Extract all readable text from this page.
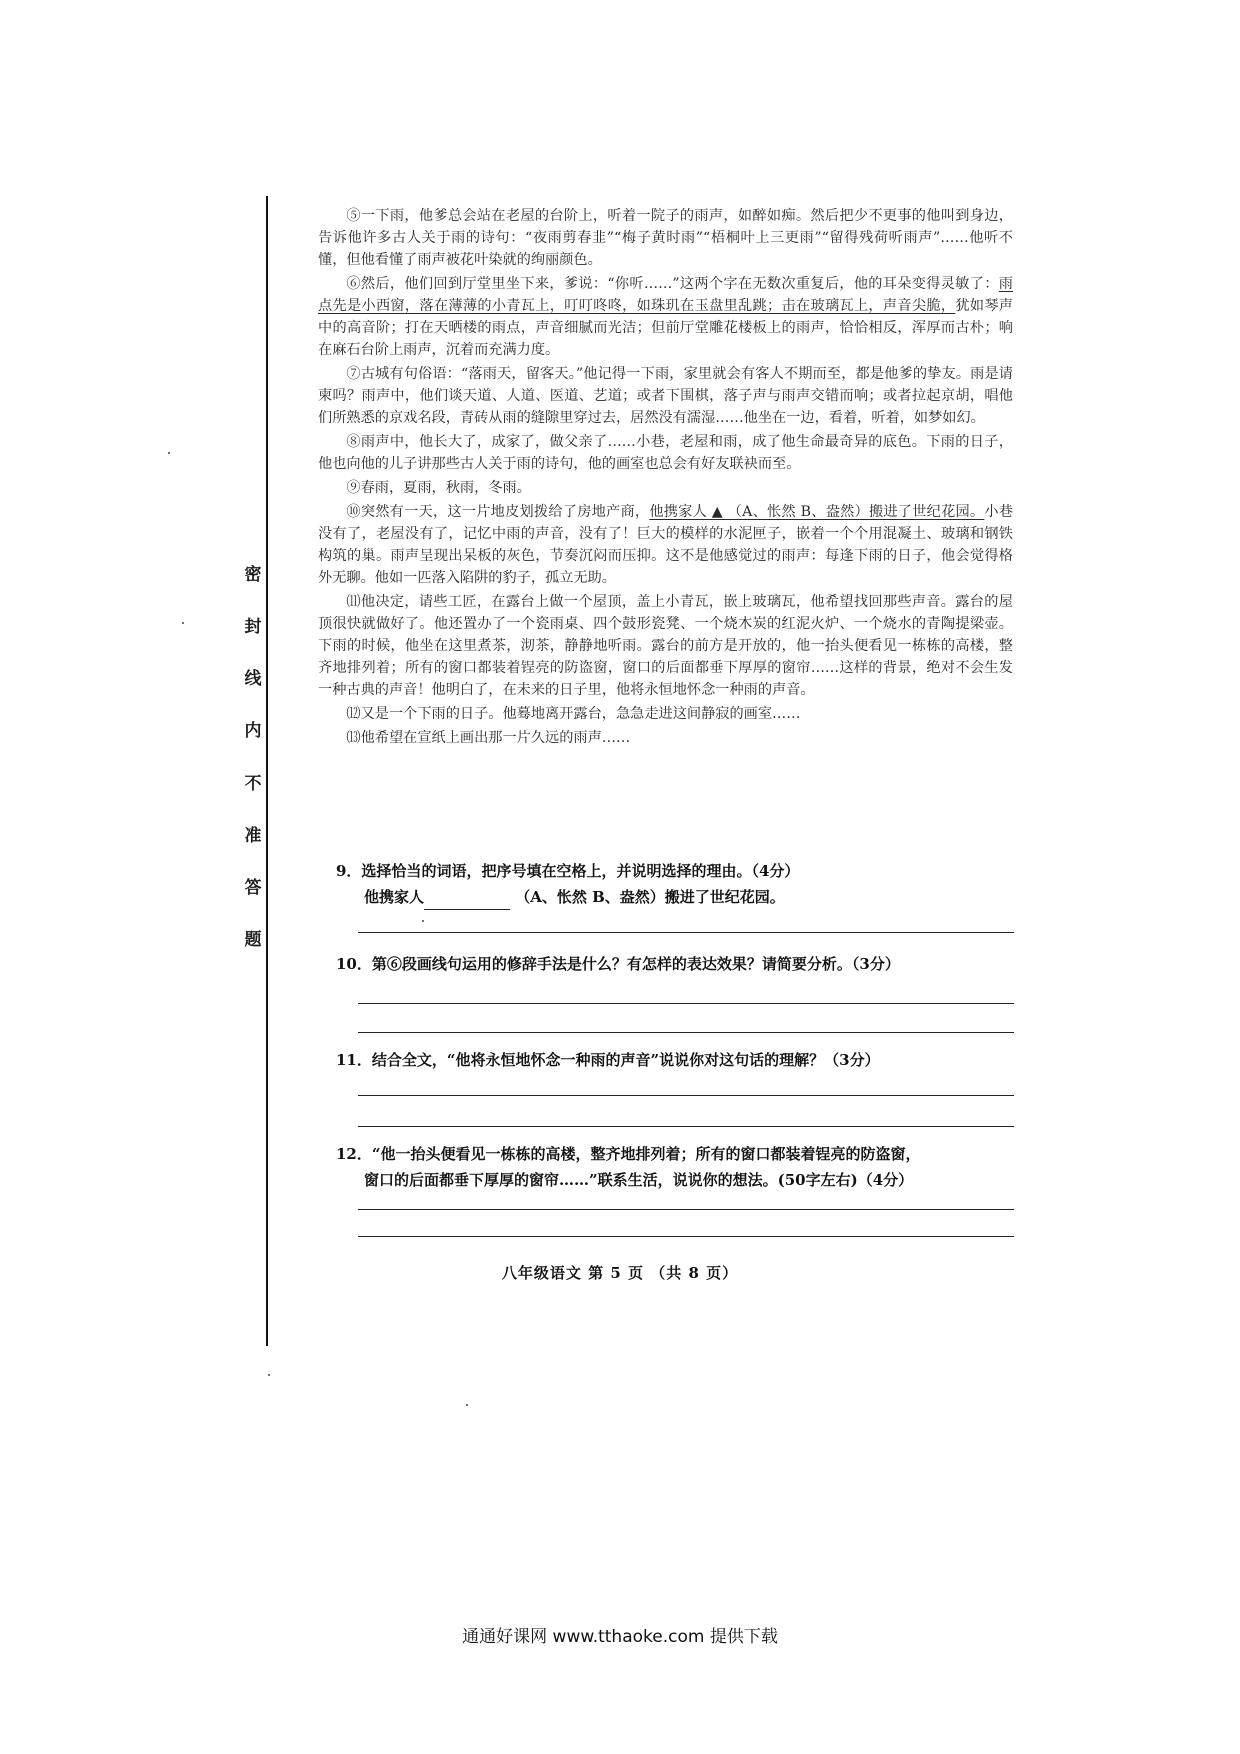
密
封
线
内
不
准
答
题

⑤一下雨，他爹总会站在老屋的台阶上，听着一院子的雨声，如醉如痴。然后把少不更事的他叫到身边，告诉他许多古人关于雨的诗句：“夜雨剪春韭”“梅子黄时雨”“梧桐叶上三更雨”“留得残荷听雨声”……他听不懂，但他看懂了雨声被花叶染就的绚丽颜色。

⑥然后，他们回到厅堂里坐下来，爹说：“你听……”这两个字在无数次重复后，他的耳朵变得灵敏了：雨点先是小西窗，落在薄薄的小青瓦上，叮叮咚咚，如珠玑在玉盘里乱跳；击在玻璃瓦上，声音尖脆，犹如琴声中的高音阶；打在天晒楼的雨点，声音细腻而光洁；但前厅堂雕花楼板上的雨声，恰恰相反，浑厚而古朴；响在麻石台阶上雨声，沉着而充满力度。

⑦古城有句俗语：“落雨天，留客天。”他记得一下雨，家里就会有客人不期而至，都是他爹的挚友。雨是请柬吗？雨声中，他们谈天道、人道、医道、艺道；或者下围棋，落子声与雨声交错而响；或者拉起京胡，唱他们所熟悉的京戏名段，青砖从雨的缝隙里穿过去，居然没有濡湿……他坐在一边，看着，听着，如梦如幻。

⑧雨声中，他长大了，成家了，做父亲了……小巷，老屋和雨，成了他生命最奇异的底色。下雨的日子，他也向他的儿子讲那些古人关于雨的诗句，他的画室也总会有好友联袂而至。

⑨春雨，夏雨，秋雨，冬雨。

⑩突然有一天，这一片地皮划拨给了房地产商，他携家人 ▲ （A、怅然 B、盎然）搬进了世纪花园。小巷没有了，老屋没有了，记忆中雨的声音，没有了！巨大的模样的水泥匣子，嵌着一个个用混凝土、玻璃和钢铁构筑的巢。雨声呈现出呆板的灰色，节奏沉闷而压抑。这不是他感觉过的雨声：每逢下雨的日子，他会觉得格外无聊。他如一匹落入陷阱的豹子，孤立无助。

⑾他决定，请些工匠，在露台上做一个屋顶，盖上小青瓦，嵌上玻璃瓦，他希望找回那些声音。露台的屋顶很快就做好了。他还置办了一个瓷雨桌、四个鼓形瓷凳、一个烧木炭的红泥火炉、一个烧水的青陶提梁壶。下雨的时候，他坐在这里煮茶，沏茶，静静地听雨。露台的前方是开放的，他一抬头便看见一栋栋的高楼，整齐地排列着；所有的窗口都装着锃亮的防盗窗，窗口的后面都垂下厚厚的窗帘……这样的背景，绝对不会生发一种古典的声音！他明白了，在未来的日子里，他将永恒地怀念一种雨的声音。

⑿又是一个下雨的日子。他蓦地离开露台，急急走进这间静寂的画室……

⒀他希望在宣纸上画出那一片久远的雨声……

9．选择恰当的词语，把序号填在空格上，并说明选择的理由。（4分）

他携家人	（A、怅然 B、盎然）搬进了世纪花园。

10．第⑥段画线句运用的修辞手法是什么？有怎样的表达效果？请简要分析。（3分）

11．结合全文，“他将永恒地怀念一种雨的声音”说说你对这句话的理解？（3分）

12．“他一抬头便看见一栋栋的高楼，整齐地排列着；所有的窗口都装着锃亮的防盗窗，

窗口的后面都垂下厚厚的窗帘……”联系生活，说说你的想法。(50字左右)（4分）

八年级语文 第 5 页 （共 8 页）
通通好课网 www.tthaoke.com 提供下载
